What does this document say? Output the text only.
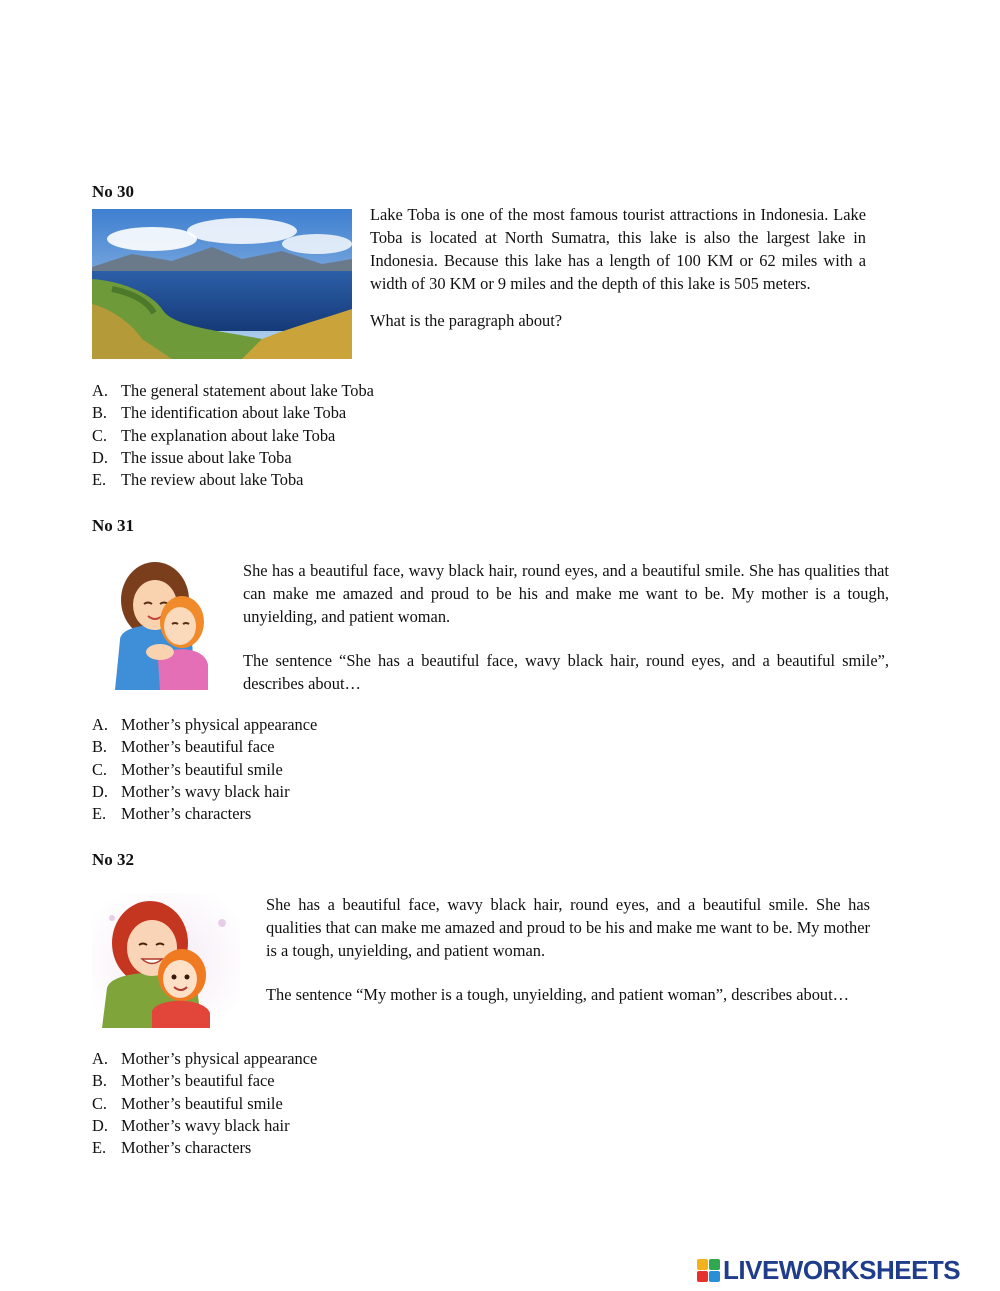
No 30

Lake Toba is one of the most famous tourist attractions in Indonesia. Lake Toba is located at North Sumatra, this lake is also the largest lake in Indonesia. Because this lake has a length of 100 KM or 62 miles with a width of 30 KM or 9 miles and the depth of this lake is 505 meters.

What is the paragraph about?

A. The general statement about lake Toba
B. The identification about lake Toba
C. The explanation about lake Toba
D. The issue about lake Toba
E. The review about lake Toba
No 31

She has a beautiful face, wavy black hair, round eyes, and a beautiful smile. She has qualities that can make me amazed and proud to be his and make me want to be. My mother is a tough, unyielding, and patient woman.

The sentence “She has a beautiful face, wavy black hair, round eyes, and a beautiful smile”, describes about…

A. Mother’s physical appearance
B. Mother’s beautiful face
C. Mother’s beautiful smile
D. Mother’s wavy black hair
E. Mother’s characters
No 32

She has a beautiful face, wavy black hair, round eyes, and a beautiful smile. She has qualities that can make me amazed and proud to be his and make me want to be. My mother is a tough, unyielding, and patient woman.

The sentence “My mother is a tough, unyielding, and patient woman”, describes about…

A. Mother’s physical appearance
B. Mother’s beautiful face
C. Mother’s beautiful smile
D. Mother’s wavy black hair
E. Mother’s characters
LIVEWORKSHEETS
